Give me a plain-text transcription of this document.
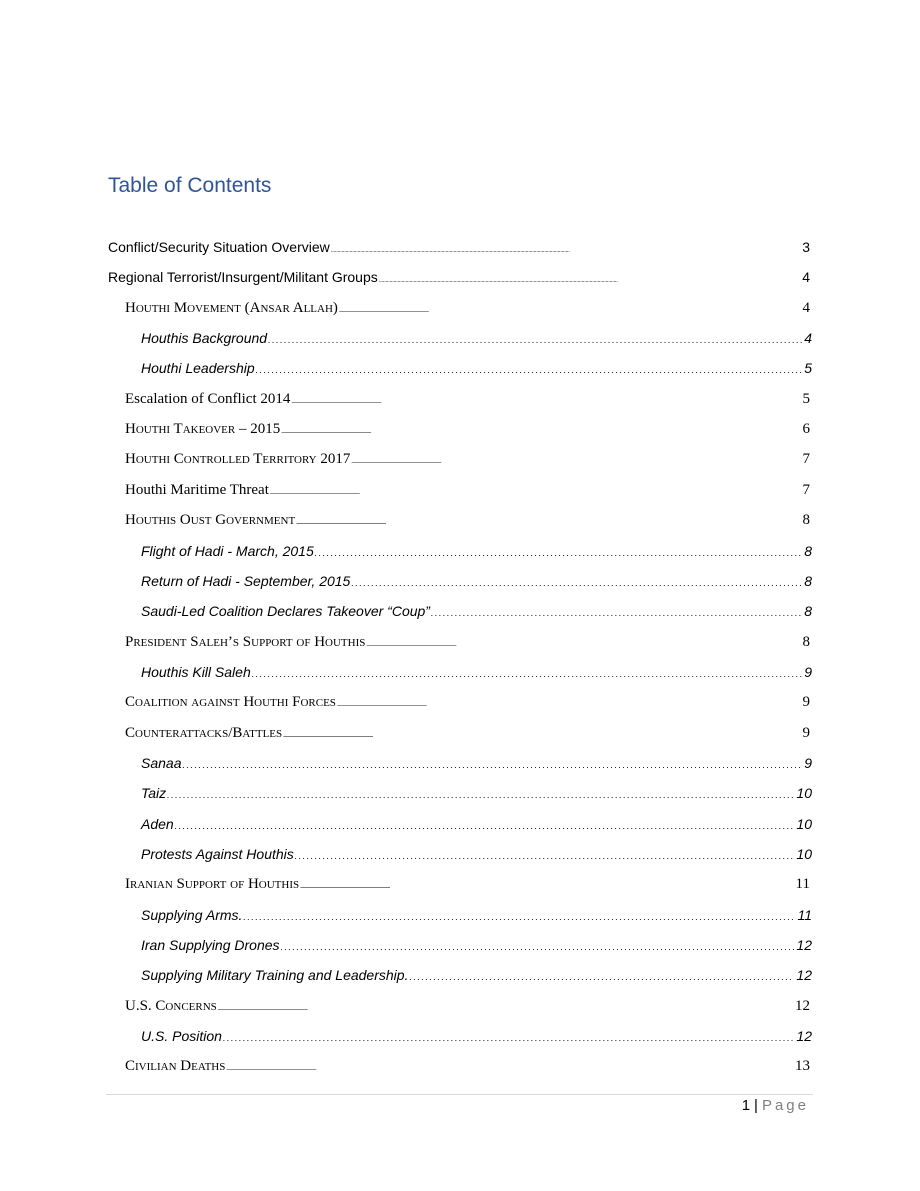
Table of Contents
Conflict/Security Situation Overview . . .	3
Regional Terrorist/Insurgent/Militant Groups . . .	4
Houthi Movement (Ansar Allah) . . .	4
Houthis Background . . .	4
Houthi Leadership . . .	5
Escalation of Conflict 2014 . . .	5
Houthi Takeover – 2015 . . .	6
Houthi Controlled Territory 2017 . . .	7
Houthi Maritime Threat . . .	7
Houthis Oust Government . . .	8
Flight of Hadi - March, 2015 . . .	8
Return of Hadi - September, 2015 . . .	8
Saudi-Led Coalition Declares Takeover “Coup” . . .	8
President Saleh’s Support of Houthis . . .	8
Houthis Kill Saleh . . .	9
Coalition against Houthi Forces . . .	9
Counterattacks/Battles . . .	9
Sanaa . . .	9
Taiz . . .	10
Aden . . .	10
Protests Against Houthis . . .	10
Iranian Support of Houthis . . .	11
Supplying Arms. . . .	11
Iran Supplying Drones . . .	12
Supplying Military Training and Leadership. . . .	12
U.S. Concerns . . .	12
U.S. Position . . .	12
Civilian Deaths . . .	13
1 | Page
